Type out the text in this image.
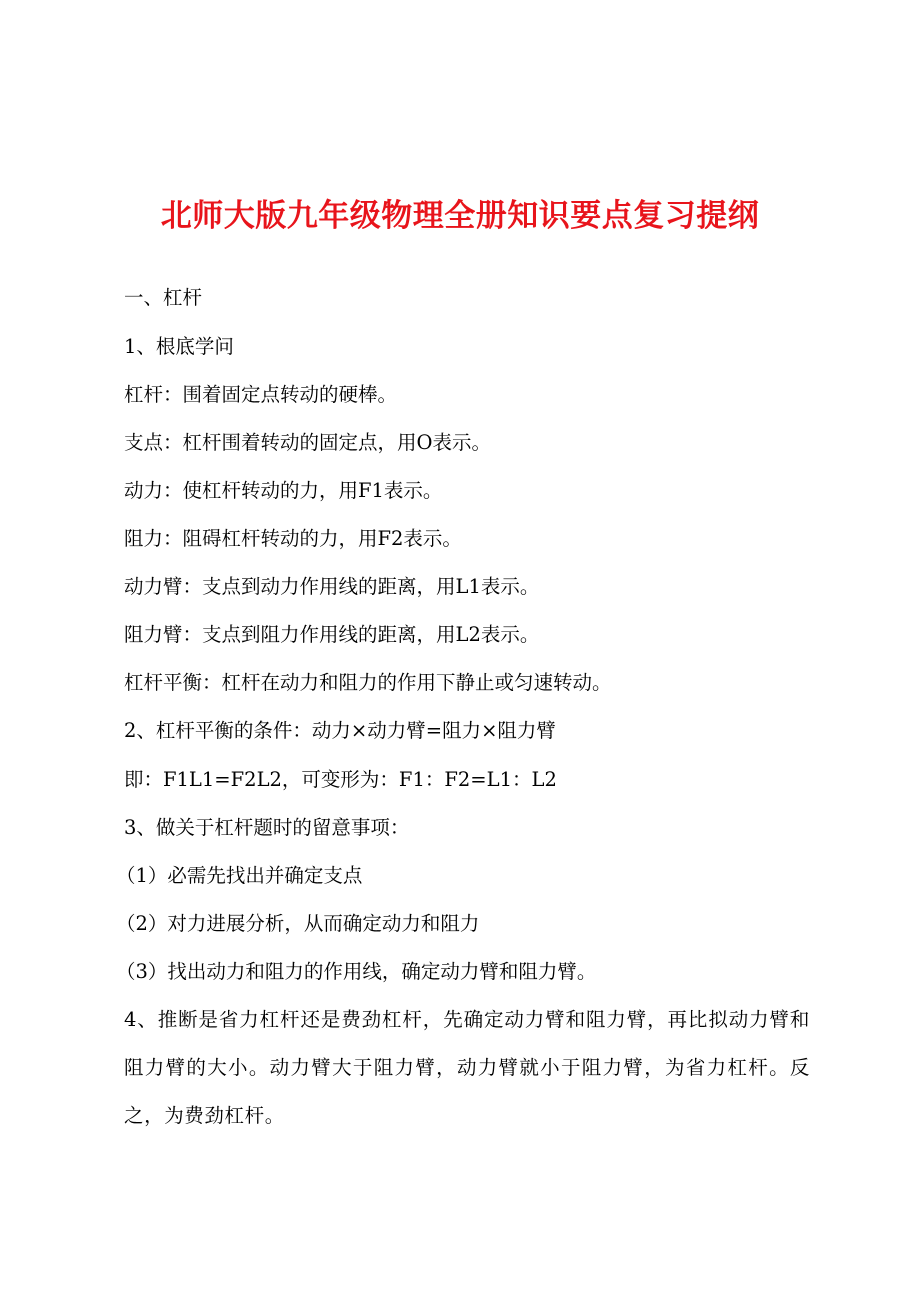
北师大版九年级物理全册知识要点复习提纲
一、杠杆
1、根底学问
杠杆：围着固定点转动的硬棒。
支点：杠杆围着转动的固定点，用O表示。
动力：使杠杆转动的力，用F1表示。
阻力：阻碍杠杆转动的力，用F2表示。
动力臂：支点到动力作用线的距离，用L1表示。
阻力臂：支点到阻力作用线的距离，用L2表示。
杠杆平衡：杠杆在动力和阻力的作用下静止或匀速转动。
2、杠杆平衡的条件：动力×动力臂=阻力×阻力臂
即：F1L1=F2L2，可变形为：F1：F2=L1：L2
3、做关于杠杆题时的留意事项：
（1）必需先找出并确定支点
（2）对力进展分析，从而确定动力和阻力
（3）找出动力和阻力的作用线，确定动力臂和阻力臂。
4、推断是省力杠杆还是费劲杠杆，先确定动力臂和阻力臂，再比拟动力臂和阻力臂的大小。动力臂大于阻力臂，动力臂就小于阻力臂，为省力杠杆。反之，为费劲杠杆。
